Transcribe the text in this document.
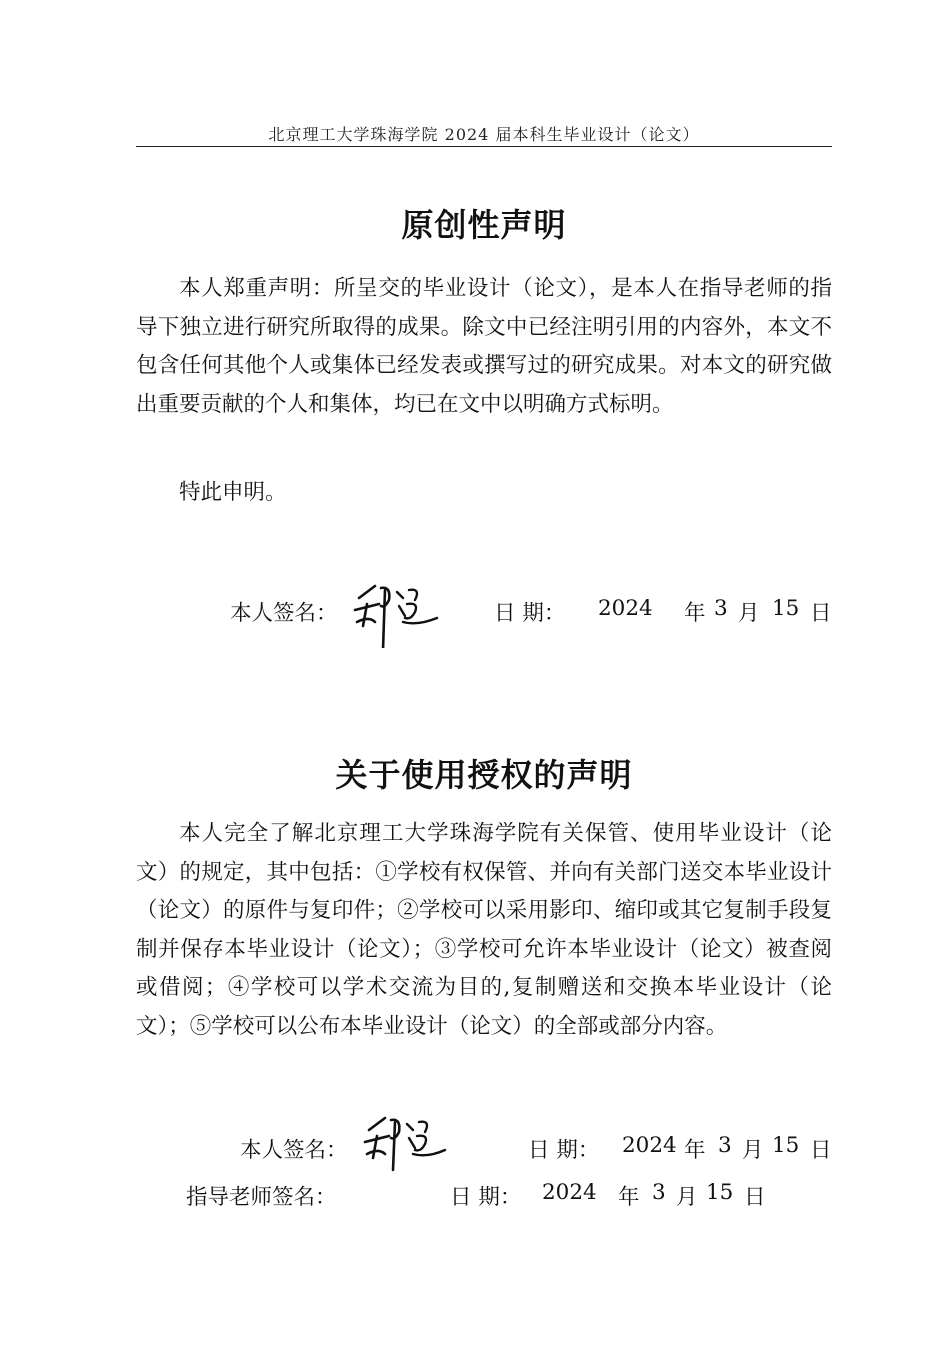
北京理工大学珠海学院 2024 届本科生毕业设计（论文）
原创性声明

本人郑重声明：所呈交的毕业设计（论文），是本人在指导老师的指导下独立进行研究所取得的成果。除文中已经注明引用的内容外，本文不包含任何其他个人或集体已经发表或撰写过的研究成果。对本文的研究做出重要贡献的个人和集体，均已在文中以明确方式标明。

特此申明。

本人签名：	日 期： 2024 年 3 月 15 日
关于使用授权的声明

本人完全了解北京理工大学珠海学院有关保管、使用毕业设计（论文）的规定，其中包括：①学校有权保管、并向有关部门送交本毕业设计（论文）的原件与复印件；②学校可以采用影印、缩印或其它复制手段复制并保存本毕业设计（论文）；③学校可允许本毕业设计（论文）被查阅或借阅；④学校可以学术交流为目的,复制赠送和交换本毕业设计（论文）；⑤学校可以公布本毕业设计（论文）的全部或部分内容。

本人签名：	日 期： 2024 年 3 月 15 日
指导老师签名：	日 期： 2024 年 3 月 15 日
